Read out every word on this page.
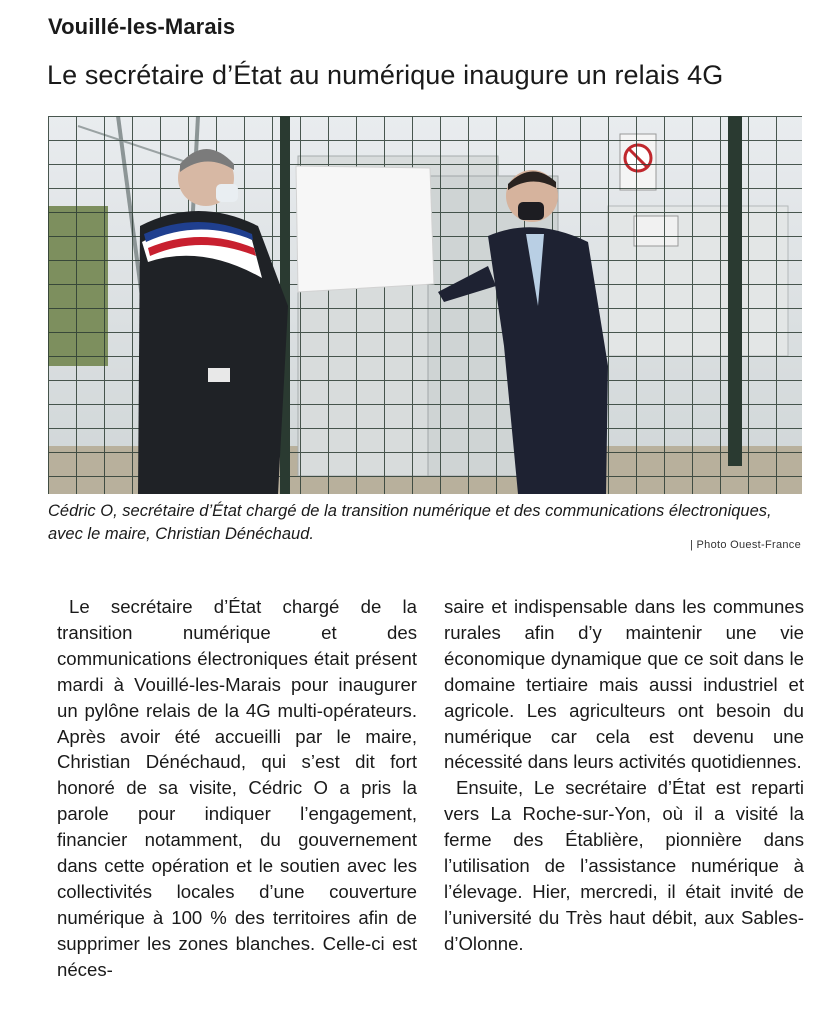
Vouillé-les-Marais
Le secrétaire d’État au numérique inaugure un relais 4G
Cédric O, secrétaire d’État chargé de la transition numérique et des communications électroniques, avec le maire, Christian Dénéchaud.
| Photo Ouest-France

Le secrétaire d’État chargé de la transition numérique et des communications électroniques était présent mardi à Vouillé-les-Marais pour inaugurer un pylône relais de la 4G multi-opérateurs. Après avoir été accueilli par le maire, Christian Dénéchaud, qui s’est dit fort honoré de sa visite, Cédric O a pris la parole pour indiquer l’engagement, financier notamment, du gouvernement dans cette opération et le soutien avec les collectivités locales d’une couverture numérique à 100 % des territoires afin de supprimer les zones blanches. Celle-ci est néces-

saire et indispensable dans les communes rurales afin d’y maintenir une vie économique dynamique que ce soit dans le domaine tertiaire mais aussi industriel et agricole. Les agriculteurs ont besoin du numérique car cela est devenu une nécessité dans leurs activités quotidiennes.

Ensuite, Le secrétaire d’État est reparti vers La Roche-sur-Yon, où il a visité la ferme des Établière, pionnière dans l’utilisation de l’assistance numérique à l’élevage. Hier, mercredi, il était invité de l’université du Très haut débit, aux Sables-d’Olonne.
